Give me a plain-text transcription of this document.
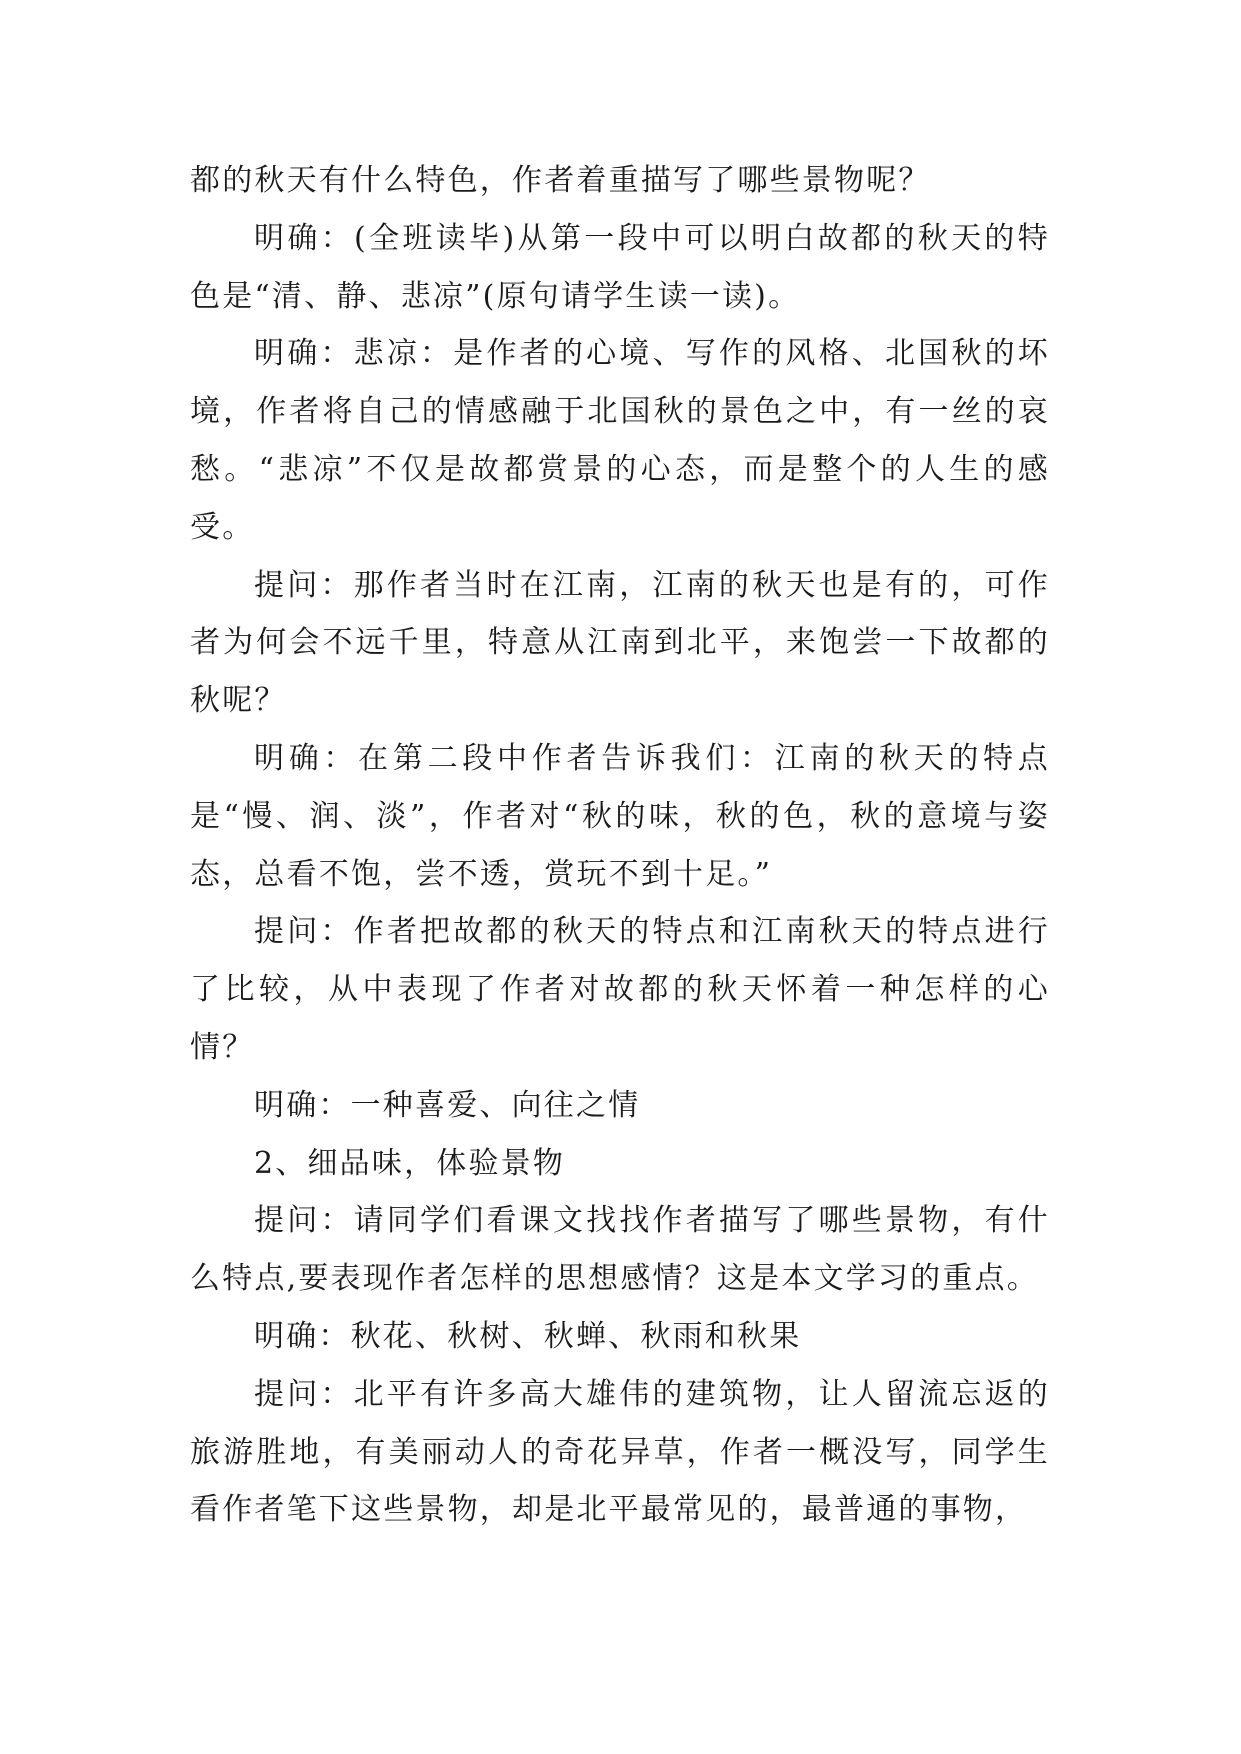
都的秋天有什么特色，作者着重描写了哪些景物呢？

明确：(全班读毕)从第一段中可以明白故都的秋天的特色是“清、静、悲凉”(原句请学生读一读)。

明确：悲凉：是作者的心境、写作的风格、北国秋的坏境，作者将自己的情感融于北国秋的景色之中，有一丝的哀愁。“悲凉”不仅是故都赏景的心态，而是整个的人生的感受。

提问：那作者当时在江南，江南的秋天也是有的，可作者为何会不远千里，特意从江南到北平，来饱尝一下故都的秋呢？

明确：在第二段中作者告诉我们：江南的秋天的特点是“慢、润、淡”，作者对“秋的味，秋的色，秋的意境与姿态，总看不饱，尝不透，赏玩不到十足。”

提问：作者把故都的秋天的特点和江南秋天的特点进行了比较，从中表现了作者对故都的秋天怀着一种怎样的心情？

明确：一种喜爱、向往之情

2、细品味，体验景物

提问：请同学们看课文找找作者描写了哪些景物，有什么特点,要表现作者怎样的思想感情？这是本文学习的重点。

明确：秋花、秋树、秋蝉、秋雨和秋果

提问：北平有许多高大雄伟的建筑物，让人留流忘返的旅游胜地，有美丽动人的奇花异草，作者一概没写，同学生看作者笔下这些景物，却是北平最常见的，最普通的事物，
